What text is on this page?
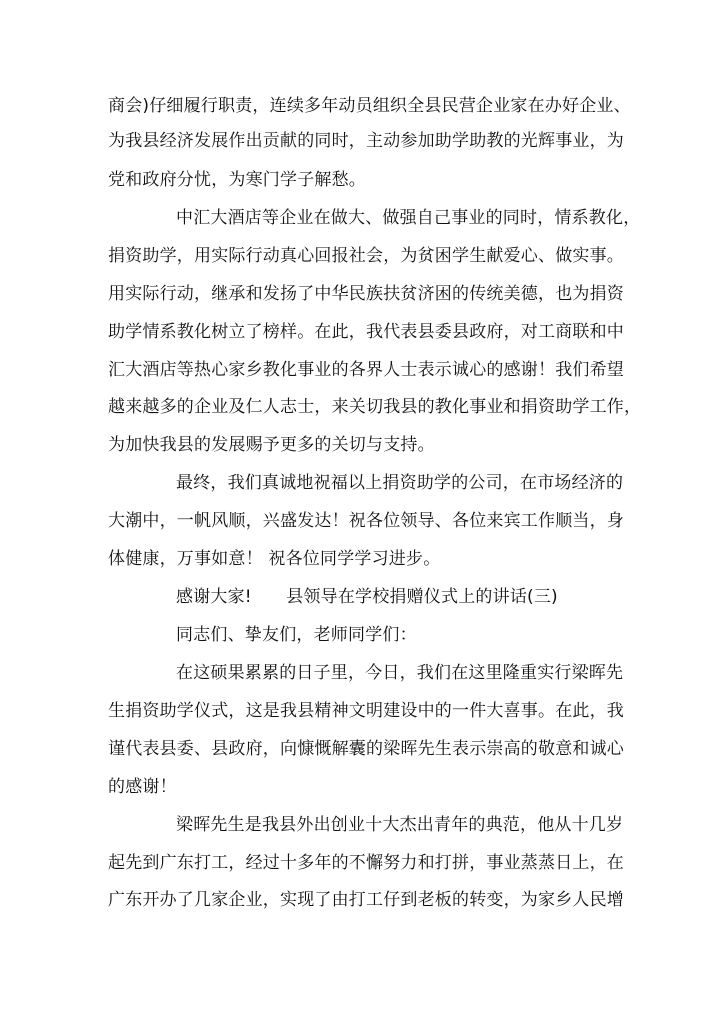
商会)仔细履行职责，连续多年动员组织全县民营企业家在办好企业、
为我县经济发展作出贡献的同时，主动参加助学助教的光辉事业，为
党和政府分忧，为寒门学子解愁。
中汇大酒店等企业在做大、做强自己事业的同时，情系教化，
捐资助学，用实际行动真心回报社会，为贫困学生献爱心、做实事。
用实际行动，继承和发扬了中华民族扶贫济困的传统美德，也为捐资
助学情系教化树立了榜样。在此，我代表县委县政府，对工商联和中
汇大酒店等热心家乡教化事业的各界人士表示诚心的感谢！我们希望
越来越多的企业及仁人志士，来关切我县的教化事业和捐资助学工作，
为加快我县的发展赐予更多的关切与支持。
最终，我们真诚地祝福以上捐资助学的公司，在市场经济的
大潮中，一帆风顺，兴盛发达！祝各位领导、各位来宾工作顺当，身
体健康，万事如意！ 祝各位同学学习进步。
感谢大家!　　县领导在学校捐赠仪式上的讲话(三)
同志们、挚友们，老师同学们：
在这硕果累累的日子里，今日，我们在这里隆重实行梁晖先
生捐资助学仪式，这是我县精神文明建设中的一件大喜事。在此，我
谨代表县委、县政府，向慷慨解囊的梁晖先生表示崇高的敬意和诚心
的感谢！
梁晖先生是我县外出创业十大杰出青年的典范，他从十几岁
起先到广东打工，经过十多年的不懈努力和打拼，事业蒸蒸日上，在
广东开办了几家企业，实现了由打工仔到老板的转变，为家乡人民增
